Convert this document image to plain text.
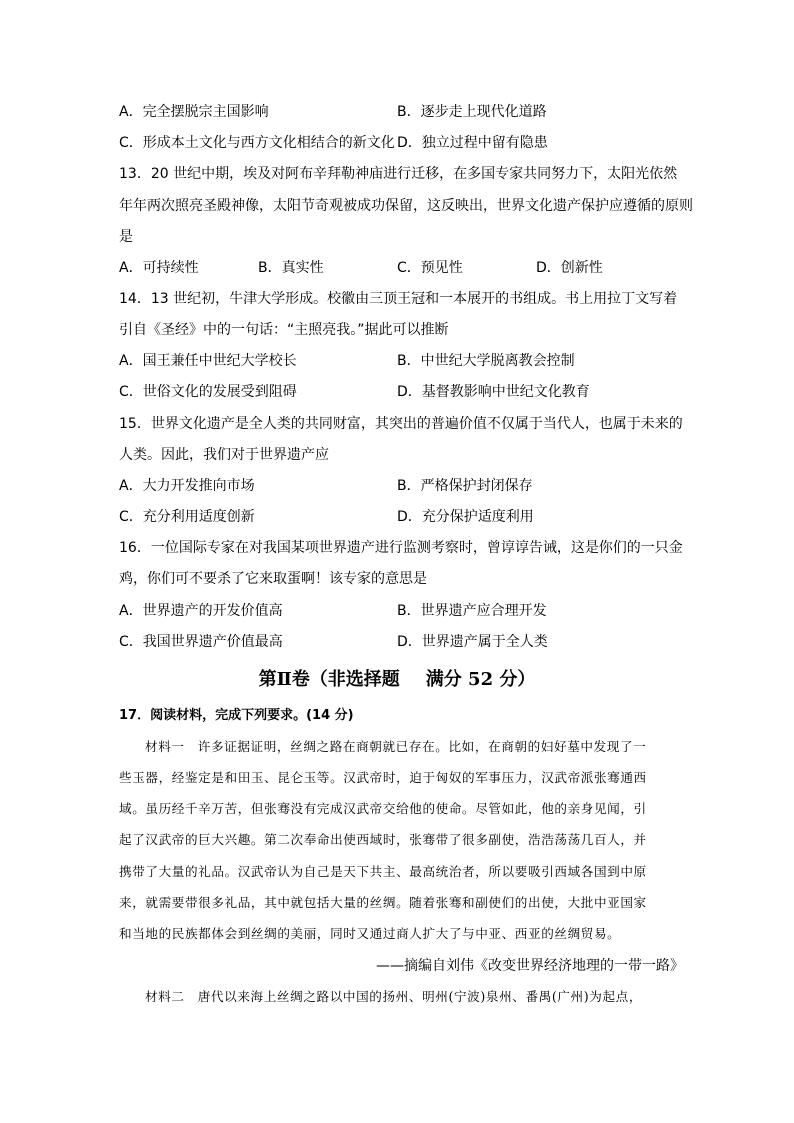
A．完全摆脱宗主国影响	B．逐步走上现代化道路
C．形成本土文化与西方文化相结合的新文化 D．独立过程中留有隐患
13．20 世纪中期，埃及对阿布辛拜勒神庙进行迁移，在多国专家共同努力下，太阳光依然
年年两次照亮圣殿神像，太阳节奇观被成功保留，这反映出，世界文化遗产保护应遵循的原则
是
A．可持续性	B．真实性	C．预见性	D．创新性
14．13 世纪初，牛津大学形成。校徽由三顶王冠和一本展开的书组成。书上用拉丁文写着
引自《圣经》中的一句话：“主照亮我。”据此可以推断
A．国王兼任中世纪大学校长	B．中世纪大学脱离教会控制
C．世俗文化的发展受到阻碍	D．基督教影响中世纪文化教育
15．世界文化遗产是全人类的共同财富，其突出的普遍价值不仅属于当代人，也属于未来的
人类。因此，我们对于世界遗产应
A．大力开发推向市场	B．严格保护封闭保存
C．充分利用适度创新	D．充分保护适度利用
16．一位国际专家在对我国某项世界遗产进行监测考察时，曾谆谆告诫，这是你们的一只金
鸡，你们可不要杀了它来取蛋啊！该专家的意思是
A．世界遗产的开发价值高	B．世界遗产应合理开发
C．我国世界遗产价值最高	D．世界遗产属于全人类
第Ⅱ卷（非选择题 满分 52 分）
17．阅读材料，完成下列要求。(14 分)
材料一　许多证据证明，丝绸之路在商朝就已存在。比如，在商朝的妇好墓中发现了一
些玉器，经鉴定是和田玉、昆仑玉等。汉武帝时，迫于匈奴的军事压力，汉武帝派张骞通西
域。虽历经千辛万苦，但张骞没有完成汉武帝交给他的使命。尽管如此，他的亲身见闻，引
起了汉武帝的巨大兴趣。第二次奉命出使西域时，张骞带了很多副使，浩浩荡荡几百人，并
携带了大量的礼品。汉武帝认为自己是天下共主、最高统治者，所以要吸引西域各国到中原
来，就需要带很多礼品，其中就包括大量的丝绸。随着张骞和副使们的出使，大批中亚国家
和当地的民族都体会到丝绸的美丽，同时又通过商人扩大了与中亚、西亚的丝绸贸易。
——摘编自刘伟《改变世界经济地理的一带一路》
材料二　唐代以来海上丝绸之路以中国的扬州、明州(宁波)泉州、番禺(广州)为起点，
